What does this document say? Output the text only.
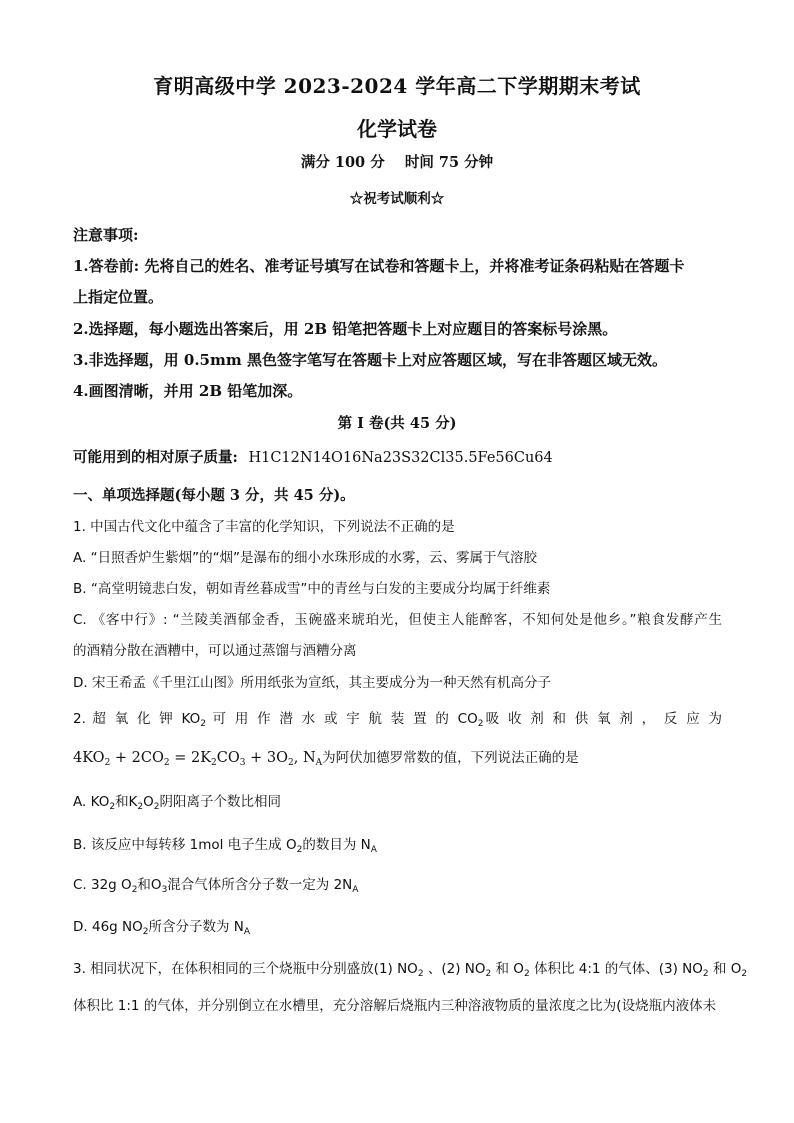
育明高级中学 2023-2024 学年高二下学期期末考试
化学试卷
满分 100 分    时间 75 分钟
☆祝考试顺利☆
注意事项:
1.答卷前: 先将自己的姓名、准考证号填写在试卷和答题卡上，并将准考证条码粘贴在答题卡
上指定位置。
2.选择题，每小题选出答案后，用 2B 铅笔把答题卡上对应题目的答案标号涂黑。
3.非选择题，用 0.5mm 黑色签字笔写在答题卡上对应答题区域，写在非答题区域无效。
4.画图清晰，并用 2B 铅笔加深。
第 I 卷(共 45 分)
可能用到的相对原子质量: H1C12N14O16Na23S32Cl35.5Fe56Cu64
一、单项选择题(每小题 3 分，共 45 分)。
1. 中国古代文化中蕴含了丰富的化学知识，下列说法不正确的是
A. “日照香炉生紫烟”的“烟”是瀑布的细小水珠形成的水雾，云、雾属于气溶胶
B. “高堂明镜悲白发，朝如青丝暮成雪”中的青丝与白发的主要成分均属于纤维素
C. 《客中行》: “兰陵美酒郁金香，玉碗盛来琥珀光，但使主人能醉客，不知何处是他乡。”粮食发酵产生
的酒精分散在酒糟中，可以通过蒸馏与酒糟分离
D. 宋王希孟《千里江山图》所用纸张为宣纸，其主要成分为一种天然有机高分子
2. 超 氧 化 钾 $KO_2$ 可 用 作 潜 水 或 宇 航 装 置 的 $CO_2$吸 收 剂 和 供 氧 剂 ， 反 应 为
$4KO_2 + 2CO_2 = 2K_2CO_3 + 3O_2$, $N_A$为阿伏加德罗常数的值，下列说法正确的是
A. $KO_2$和$K_2O_2$阴阳离子个数比相同
B. 该反应中每转移 1mol 电子生成 $O_2$的数目为 $N_A$
C. 32g $O_2$和$O_3$混合气体所含分子数一定为 $2N_A$
D. 46g $NO_2$所含分子数为 $N_A$
3. 相同状况下，在体积相同的三个烧瓶中分别盛放(1) $NO_2$ 、(2) $NO_2$ 和 $O_2$ 体积比 4:1 的气体、(3) $NO_2$ 和 $O_2$
体积比 1:1 的气体，并分别倒立在水槽里，充分溶解后烧瓶内三种溶液物质的量浓度之比为(设烧瓶内液体未
